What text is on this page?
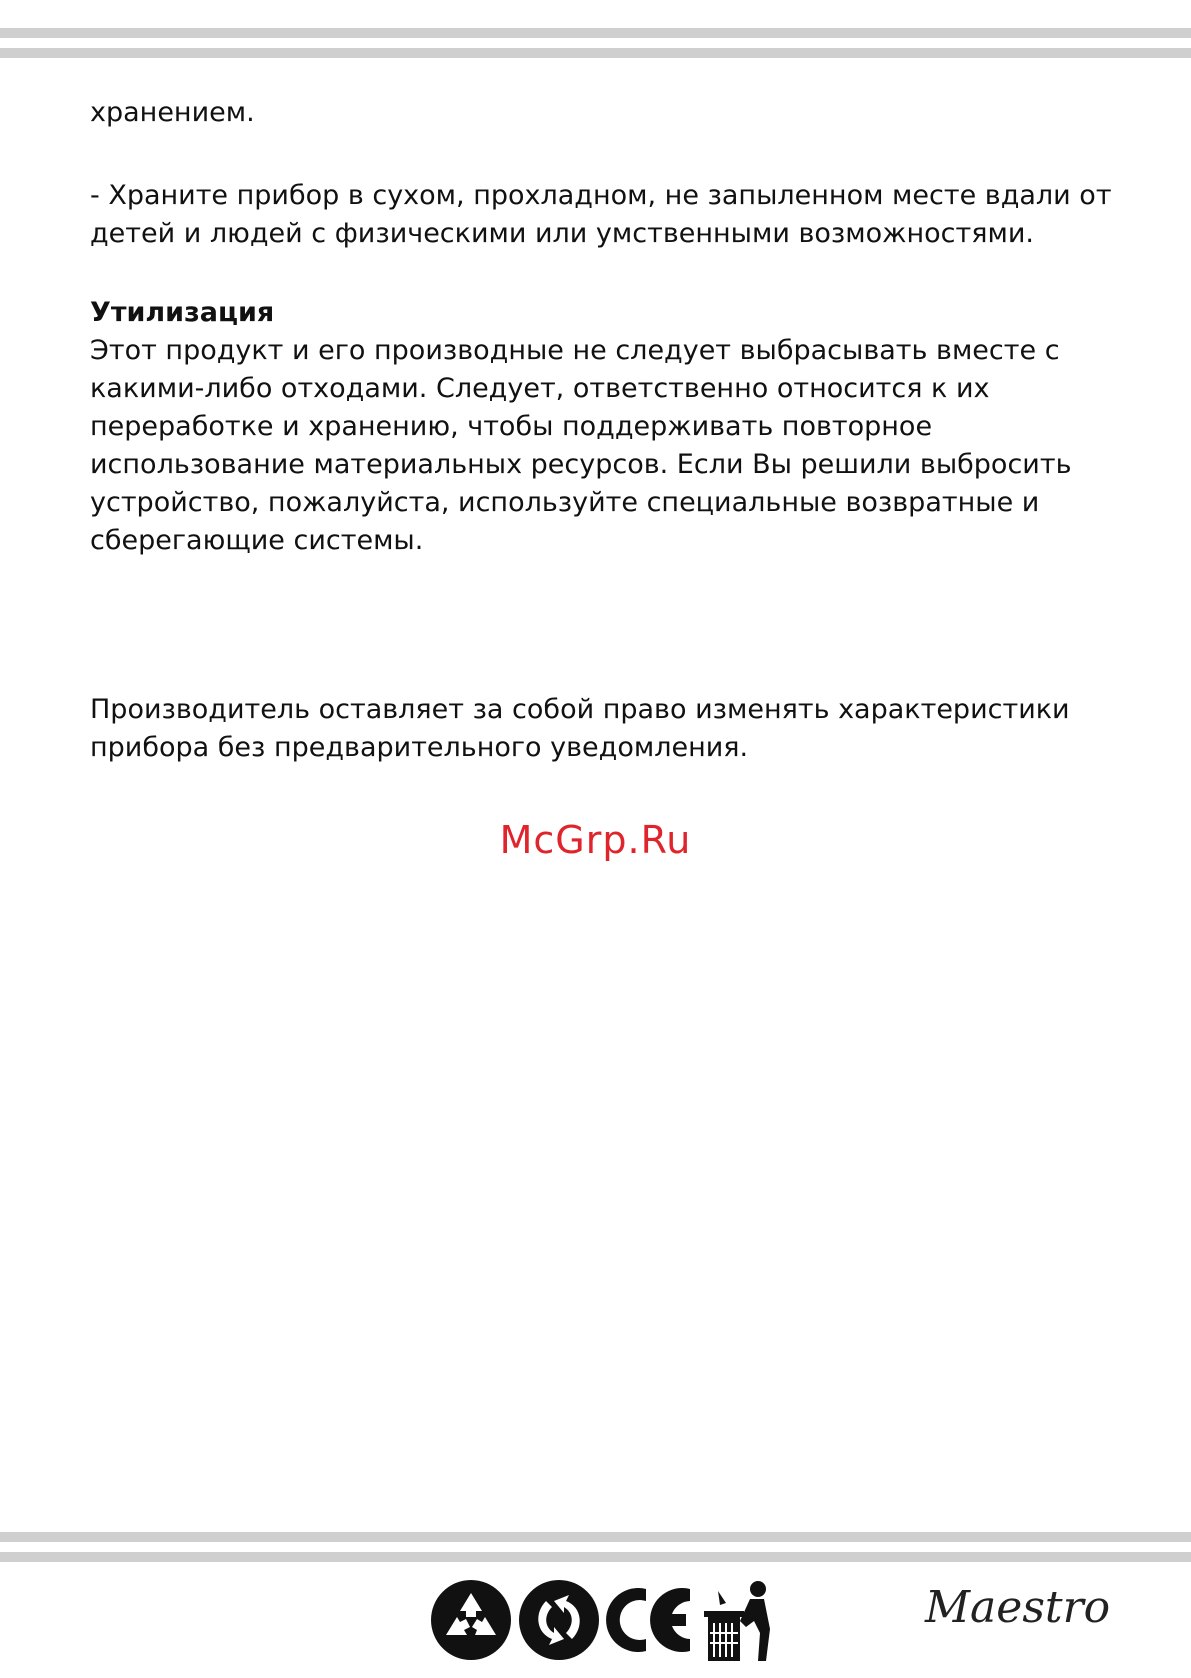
хранением.

- Храните прибор в сухом, прохладном, не запыленном месте вдали от
детей и людей с физическими или умственными возможностями.

Утилизация

Этот продукт и его производные не следует выбрасывать вместе с
какими-либо отходами. Следует, ответственно относится к их
переработке и хранению, чтобы поддерживать повторное
использование материальных ресурсов. Если Вы решили выбросить
устройство, пожалуйста, используйте специальные возвратные и
сберегающие системы.

Производитель оставляет за собой право изменять характеристики
прибора без предварительного уведомления.

McGrp.Ru
Maestro
